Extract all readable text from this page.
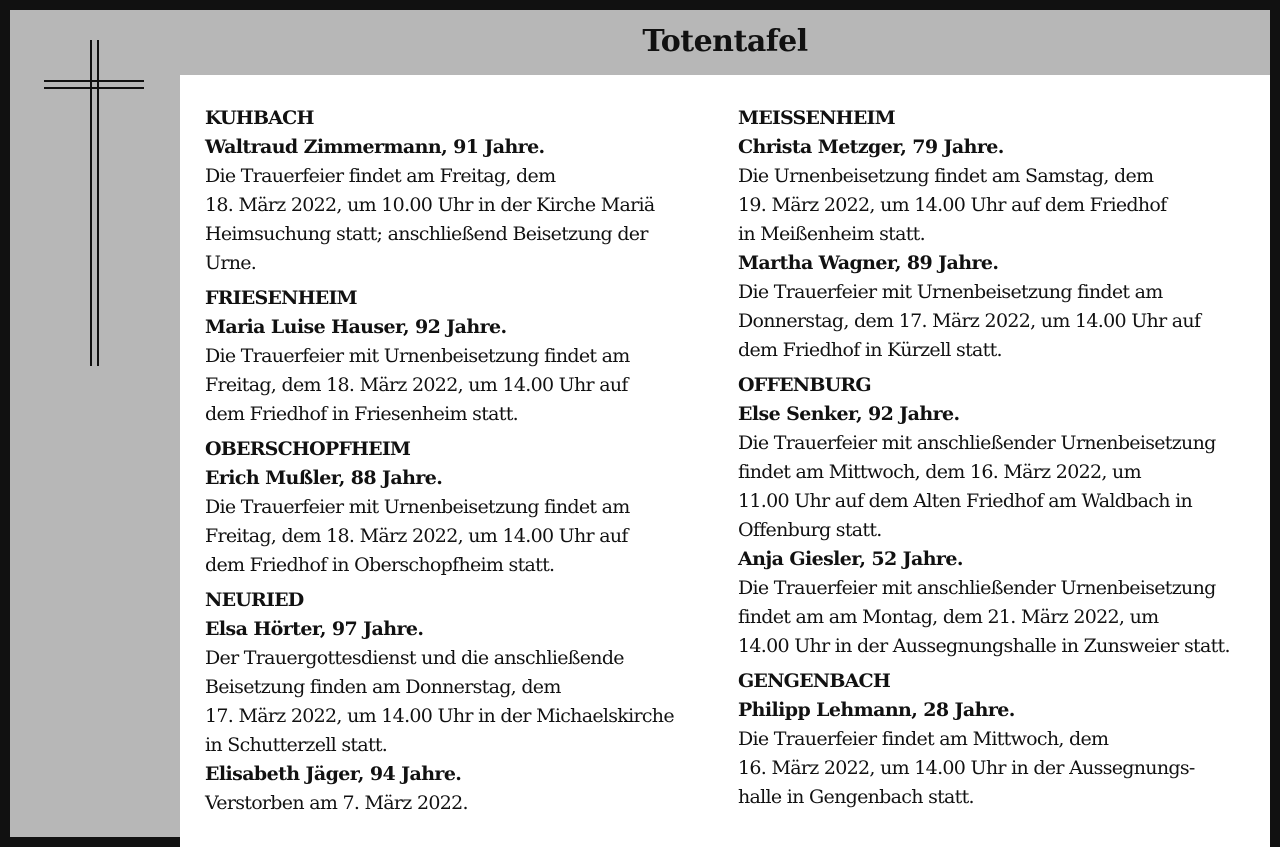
Totentafel
KUHBACH
Waltraud Zimmermann, 91 Jahre.
Die Trauerfeier findet am Freitag, dem
18. März 2022, um 10.00 Uhr in der Kirche Mariä
Heimsuchung statt; anschließend Beisetzung der
Urne.
FRIESENHEIM
Maria Luise Hauser, 92 Jahre.
Die Trauerfeier mit Urnenbeisetzung findet am
Freitag, dem 18. März 2022, um 14.00 Uhr auf
dem Friedhof in Friesenheim statt.
OBERSCHOPFHEIM
Erich Mußler, 88 Jahre.
Die Trauerfeier mit Urnenbeisetzung findet am
Freitag, dem 18. März 2022, um 14.00 Uhr auf
dem Friedhof in Oberschopfheim statt.
NEURIED
Elsa Hörter, 97 Jahre.
Der Trauergottesdienst und die anschließende
Beisetzung finden am Donnerstag, dem
17. März 2022, um 14.00 Uhr in der Michaelskirche
in Schutterzell statt.
Elisabeth Jäger, 94 Jahre.
Verstorben am 7. März 2022.
MEISSENHEIM
Christa Metzger, 79 Jahre.
Die Urnenbeisetzung findet am Samstag, dem
19. März 2022, um 14.00 Uhr auf dem Friedhof
in Meißenheim statt.
Martha Wagner, 89 Jahre.
Die Trauerfeier mit Urnenbeisetzung findet am
Donnerstag, dem 17. März 2022, um 14.00 Uhr auf
dem Friedhof in Kürzell statt.
OFFENBURG
Else Senker, 92 Jahre.
Die Trauerfeier mit anschließender Urnenbeisetzung
findet am Mittwoch, dem 16. März 2022, um
11.00 Uhr auf dem Alten Friedhof am Waldbach in
Offenburg statt.
Anja Giesler, 52 Jahre.
Die Trauerfeier mit anschließender Urnenbeisetzung
findet am am Montag, dem 21. März 2022, um
14.00 Uhr in der Aussegnungshalle in Zunsweier statt.
GENGENBACH
Philipp Lehmann, 28 Jahre.
Die Trauerfeier findet am Mittwoch, dem
16. März 2022, um 14.00 Uhr in der Aussegnungs-
halle in Gengenbach statt.
